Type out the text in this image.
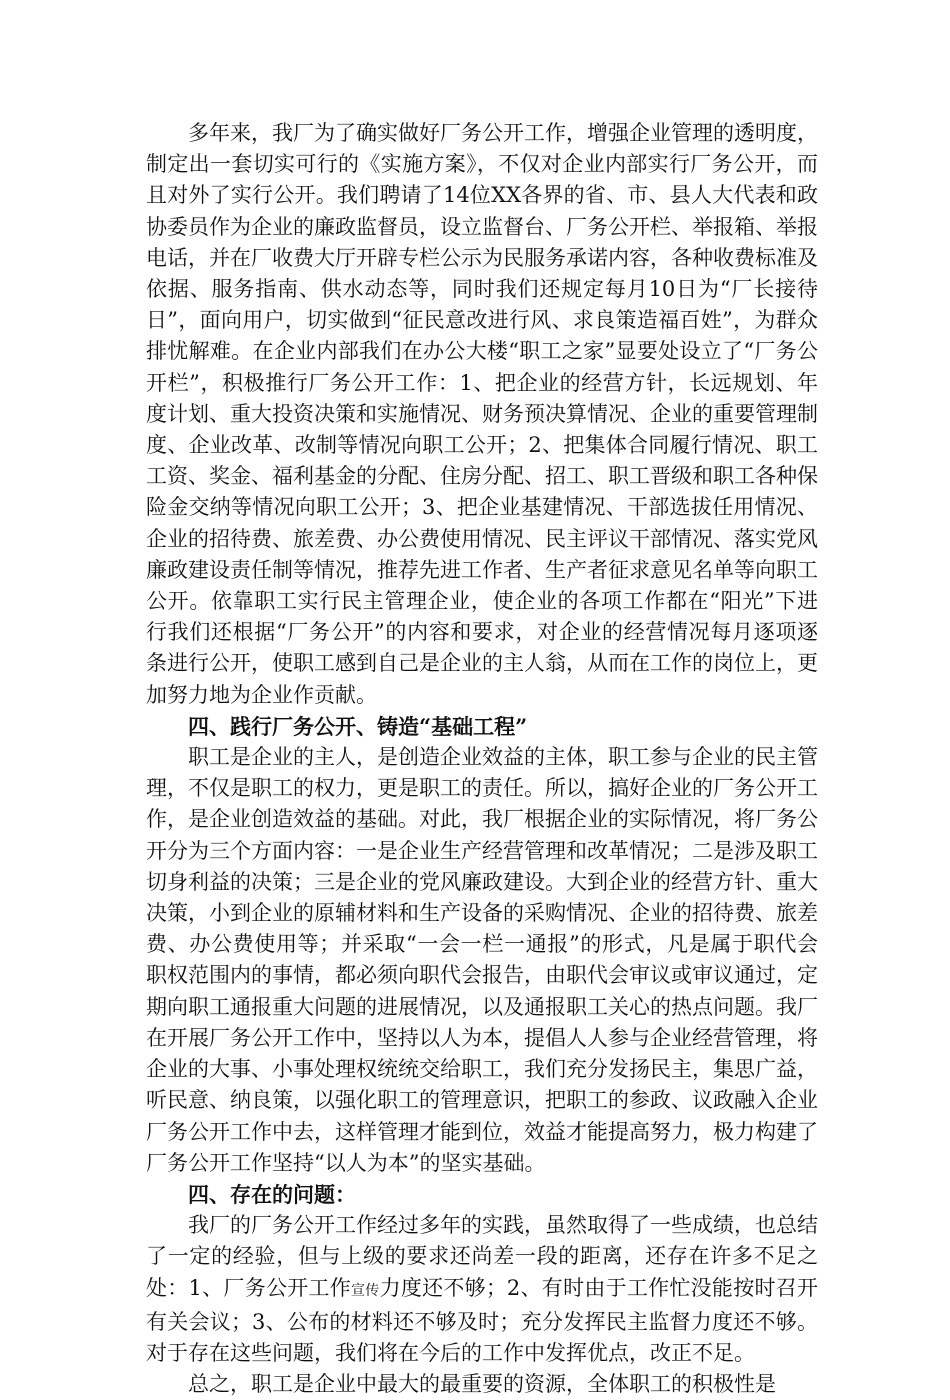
多年来，我厂为了确实做好厂务公开工作，增强企业管理的透明度，制定出一套切实可行的《实施方案》，不仅对企业内部实行厂务公开，而且对外了实行公开。我们聘请了14位XX各界的省、市、县人大代表和政协委员作为企业的廉政监督员，设立监督台、厂务公开栏、举报箱、举报电话，并在厂收费大厅开辟专栏公示为民服务承诺内容，各种收费标准及依据、服务指南、供水动态等，同时我们还规定每月10日为“厂长接待日”，面向用户，切实做到“征民意改进行风、求良策造福百姓”，为群众排忧解难。在企业内部我们在办公大楼“职工之家”显要处设立了“厂务公开栏”，积极推行厂务公开工作：1、把企业的经营方针，长远规划、年度计划、重大投资决策和实施情况、财务预决算情况、企业的重要管理制度、企业改革、改制等情况向职工公开；2、把集体合同履行情况、职工工资、奖金、福利基金的分配、住房分配、招工、职工晋级和职工各种保险金交纳等情况向职工公开；3、把企业基建情况、干部选拔任用情况、企业的招待费、旅差费、办公费使用情况、民主评议干部情况、落实党风廉政建设责任制等情况，推荐先进工作者、生产者征求意见名单等向职工公开。依靠职工实行民主管理企业，使企业的各项工作都在“阳光”下进行我们还根据“厂务公开”的内容和要求，对企业的经营情况每月逐项逐条进行公开，使职工感到自己是企业的主人翁，从而在工作的岗位上，更加努力地为企业作贡献。

四、践行厂务公开、铸造“基础工程”

职工是企业的主人，是创造企业效益的主体，职工参与企业的民主管理，不仅是职工的权力，更是职工的责任。所以，搞好企业的厂务公开工作，是企业创造效益的基础。对此，我厂根据企业的实际情况，将厂务公开分为三个方面内容：一是企业生产经营管理和改革情况；二是涉及职工切身利益的决策；三是企业的党风廉政建设。大到企业的经营方针、重大决策，小到企业的原辅材料和生产设备的采购情况、企业的招待费、旅差费、办公费使用等；并采取“一会一栏一通报”的形式，凡是属于职代会职权范围内的事情，都必须向职代会报告，由职代会审议或审议通过，定期向职工通报重大问题的进展情况，以及通报职工关心的热点问题。我厂在开展厂务公开工作中，坚持以人为本，提倡人人参与企业经营管理，将企业的大事、小事处理权统统交给职工，我们充分发扬民主，集思广益，听民意、纳良策，以强化职工的管理意识，把职工的参政、议政融入企业厂务公开工作中去，这样管理才能到位，效益才能提高努力，极力构建了厂务公开工作坚持“以人为本”的坚实基础。

四、存在的问题：

我厂的厂务公开工作经过多年的实践，虽然取得了一些成绩，也总结了一定的经验，但与上级的要求还尚差一段的距离，还存在许多不足之处：1、厂务公开工作宣传力度还不够；2、有时由于工作忙没能按时召开有关会议；3、公布的材料还不够及时；充分发挥民主监督力度还不够。对于存在这些问题，我们将在今后的工作中发挥优点，改正不足。

总之，职工是企业中最大的最重要的资源，全体职工的积极性是
